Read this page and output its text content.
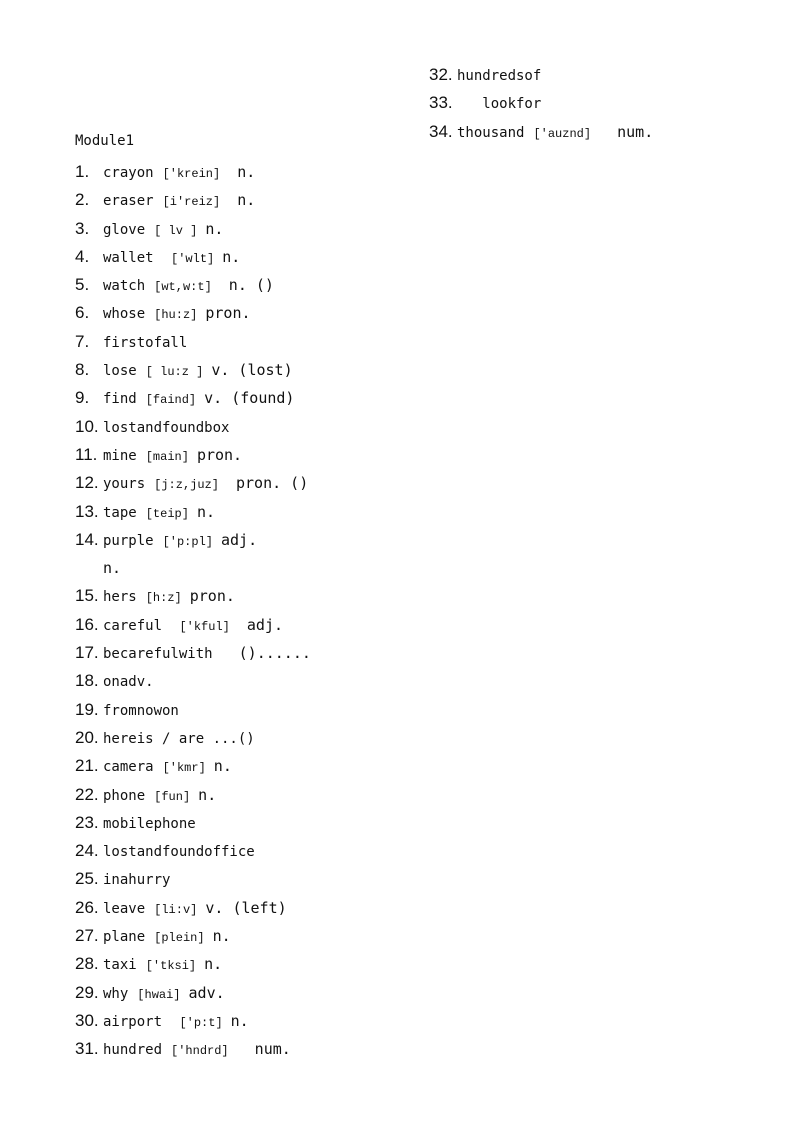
32. hundredsof
33. lookfor
34. thousand ['auznd] num.
Module1
1. crayon ['krein] n.
2. eraser [i'reiz] n.
3. glove [ lv ] n.
4. wallet ['wlt] n.
5. watch [wt,w:t] n. ()
6. whose [hu:z] pron.
7. firstofall
8. lose [ lu:z ] v. (lost)
9. find [faind] v. (found)
10. lostandfoundbox
11. mine [main] pron.
12. yours [j:z,juz] pron. ()
13. tape [teip] n.
14. purple ['p:pl] adj.
n.
15. hers [h:z] pron.
16. careful ['kful] adj.
17. becarefulwith ()......
18. onadv.
19. fromnowon
20. hereis / are ...()
21. camera ['kmr] n.
22. phone [fun] n.
23. mobilephone
24. lostandfoundoffice
25. inahurry
26. leave [li:v] v. (left)
27. plane [plein] n.
28. taxi ['tksi] n.
29. why [hwai] adv.
30. airport ['p:t] n.
31. hundred ['hndrd] num.
